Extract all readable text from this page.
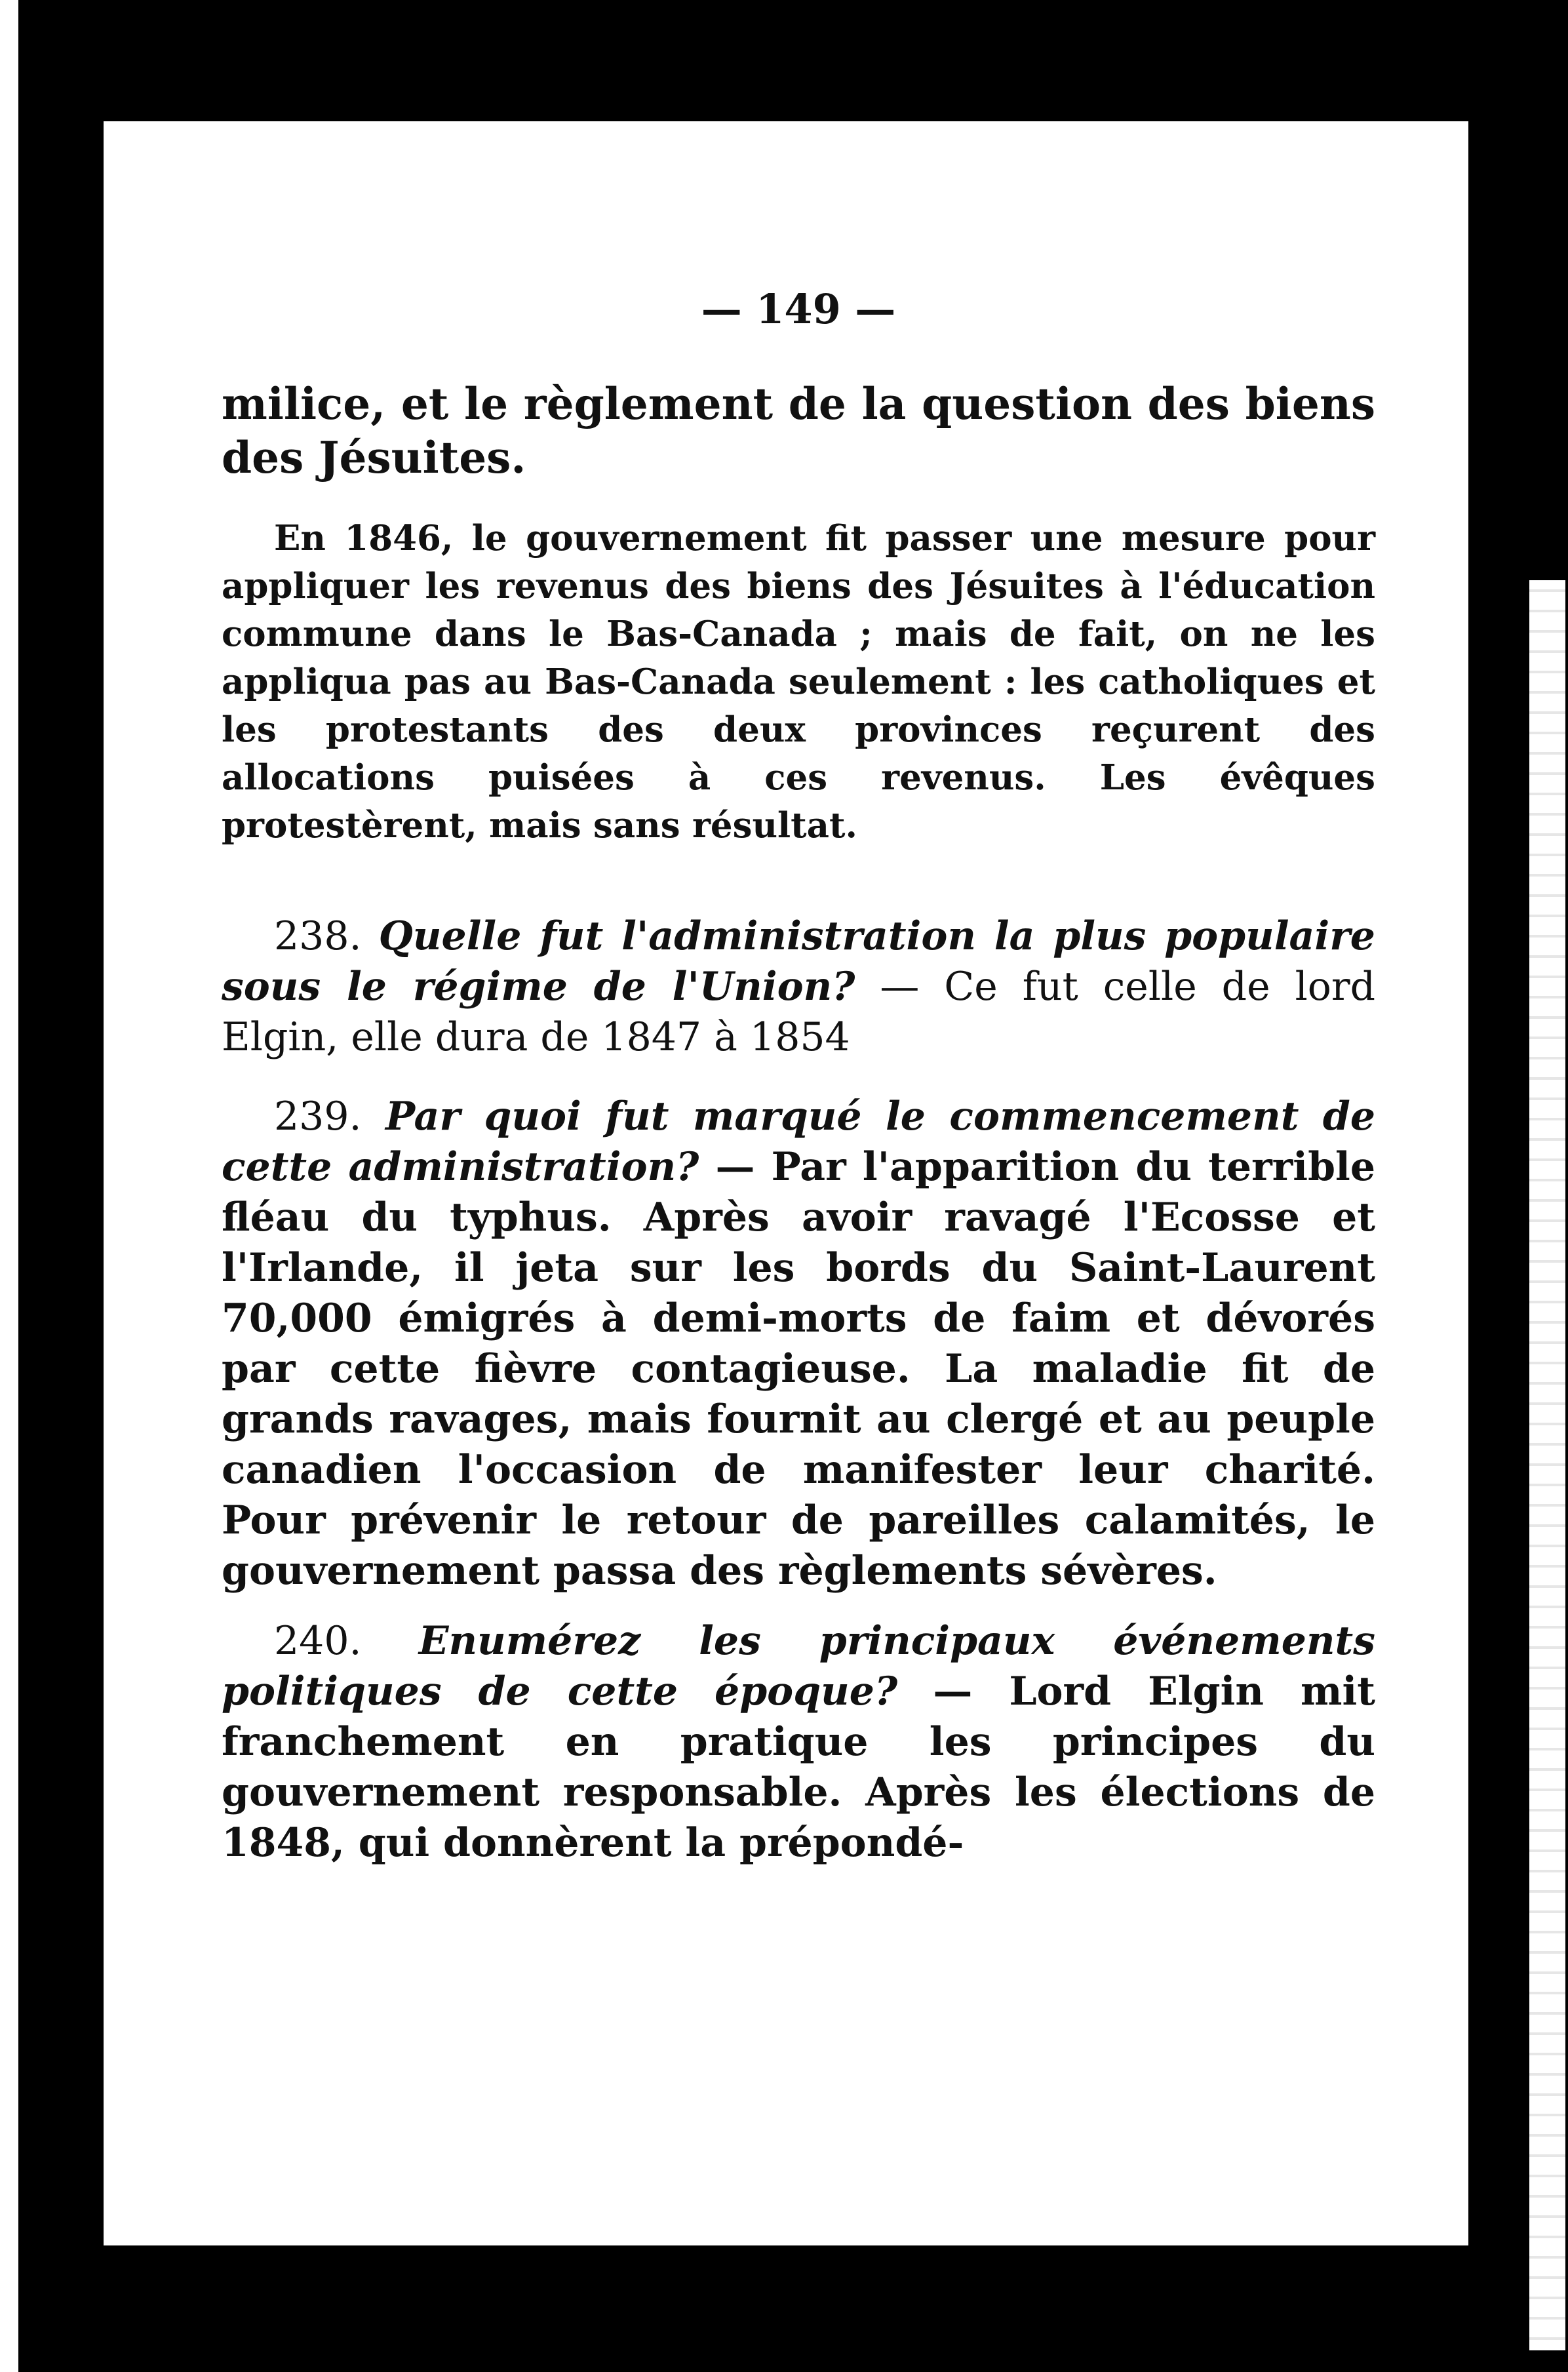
— 149 —
milice, et le règlement de la question des biens des Jésuites.
En 1846, le gouvernement fit passer une mesure pour appliquer les revenus des biens des Jésuites à l'éducation commune dans le Bas-Canada ; mais de fait, on ne les appliqua pas au Bas-Canada seulement : les catholiques et les protestants des deux provinces reçurent des allocations puisées à ces revenus. Les évêques protestèrent, mais sans résultat.
238. Quelle fut l'administration la plus populaire sous le régime de l'Union? — Ce fut celle de lord Elgin, elle dura de 1847 à 1854
239. Par quoi fut marqué le commencement de cette administration? — Par l'apparition du terrible fléau du typhus. Après avoir ravagé l'Ecosse et l'Irlande, il jeta sur les bords du Saint-Laurent 70,000 émigrés à demi-morts de faim et dévorés par cette fièvre contagieuse. La maladie fit de grands ravages, mais fournit au clergé et au peuple canadien l'occasion de manifester leur charité. Pour prévenir le retour de pareilles calamités, le gouvernement passa des règlements sévères.
240. Enumérez les principaux événements politiques de cette époque? — Lord Elgin mit franchement en pratique les principes du gouvernement responsable. Après les élections de 1848, qui donnèrent la prépondé-
